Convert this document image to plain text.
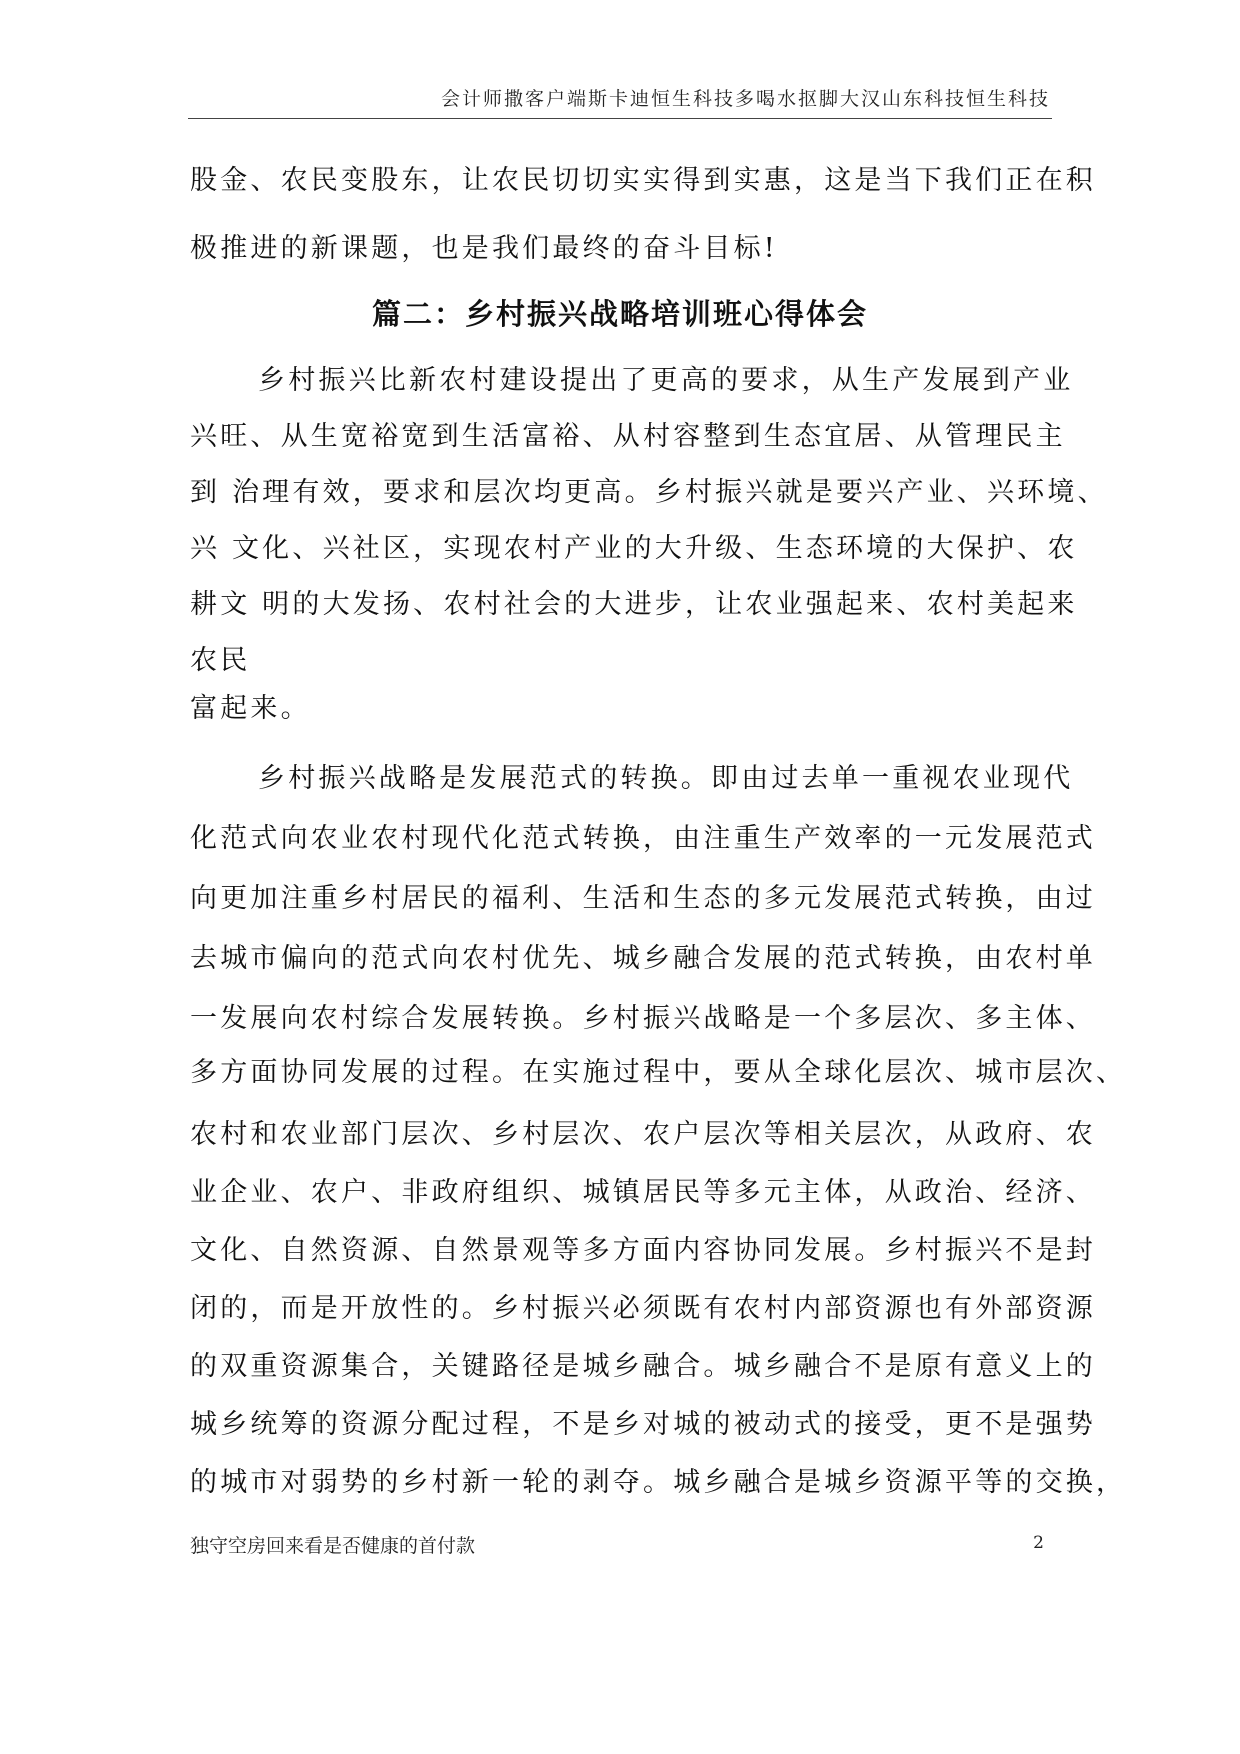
会计师撒客户端斯卡迪恒生科技多喝水抠脚大汉山东科技恒生科技
股金、农民变股东，让农民切切实实得到实惠，这是当下我们正在积
极推进的新课题，也是我们最终的奋斗目标!
篇二：乡村振兴战略培训班心得体会
乡村振兴比新农村建设提出了更高的要求，从生产发展到产业
兴旺、从生宽裕宽到生活富裕、从村容整到生态宜居、从管理民主
到 治理有效，要求和层次均更高。乡村振兴就是要兴产业、兴环境、
兴 文化、兴社区，实现农村产业的大升级、生态环境的大保护、农
耕文 明的大发扬、农村社会的大进步，让农业强起来、农村美起来
农民
富起来。
乡村振兴战略是发展范式的转换。即由过去单一重视农业现代
化范式向农业农村现代化范式转换，由注重生产效率的一元发展范式
向更加注重乡村居民的福利、生活和生态的多元发展范式转换，由过
去城市偏向的范式向农村优先、城乡融合发展的范式转换，由农村单
一发展向农村综合发展转换。乡村振兴战略是一个多层次、多主体、
多方面协同发展的过程。在实施过程中，要从全球化层次、城市层次、
农村和农业部门层次、乡村层次、农户层次等相关层次，从政府、农
业企业、农户、非政府组织、城镇居民等多元主体，从政治、经济、
文化、自然资源、自然景观等多方面内容协同发展。乡村振兴不是封
闭的，而是开放性的。乡村振兴必须既有农村内部资源也有外部资源
的双重资源集合，关键路径是城乡融合。城乡融合不是原有意义上的
城乡统筹的资源分配过程，不是乡对城的被动式的接受，更不是强势
的城市对弱势的乡村新一轮的剥夺。城乡融合是城乡资源平等的交换，
独守空房回来看是否健康的首付款	2
